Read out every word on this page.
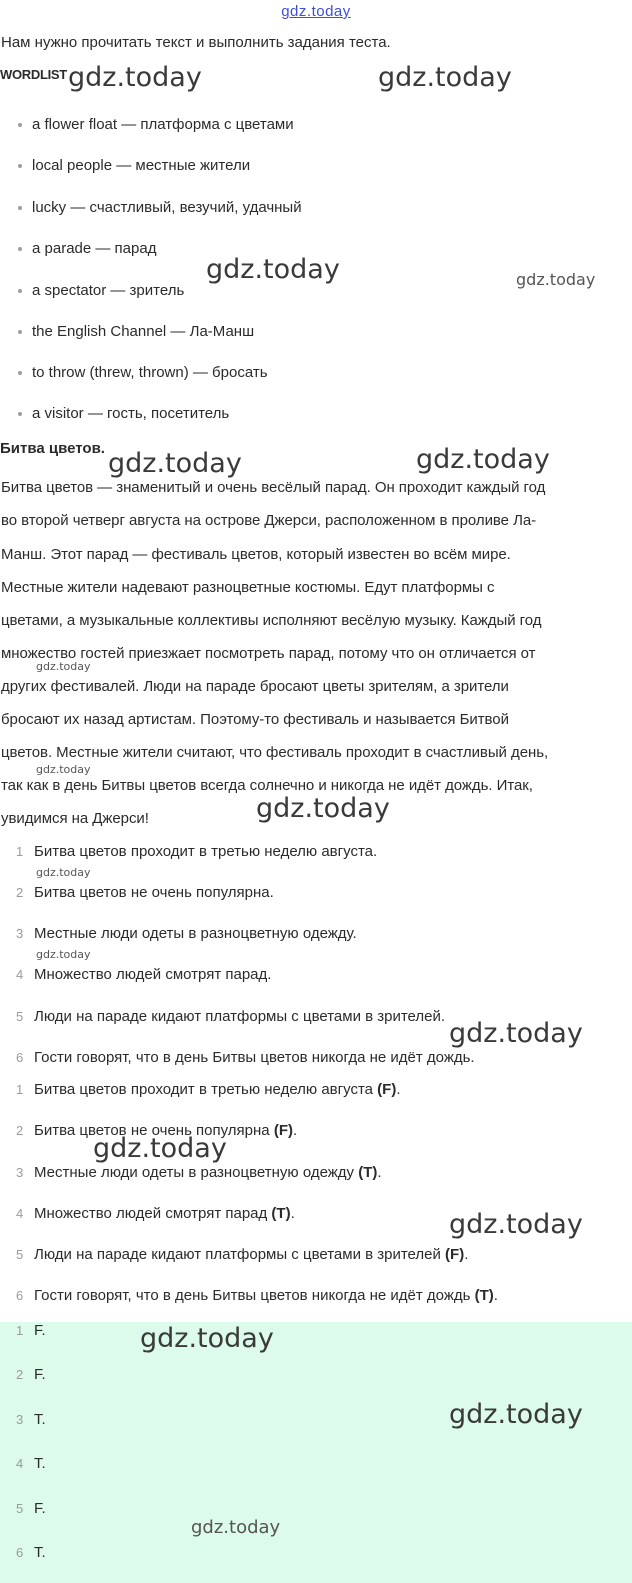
gdz.today
Нам нужно прочитать текст и выполнить задания теста.
WORDLIST
a flower float — платформа с цветами
local people — местные жители
lucky — счастливый, везучий, удачный
a parade — парад
a spectator — зритель
the English Channel — Ла-Манш
to throw (threw, thrown) — бросать
a visitor — гость, посетитель
Битва цветов.
Битва цветов — знаменитый и очень весёлый парад. Он проходит каждый год
во второй четверг августа на острове Джерси, расположенном в проливе Ла-
Манш. Этот парад — фестиваль цветов, который известен во всём мире.
Местные жители надевают разноцветные костюмы. Едут платформы с
цветами, а музыкальные коллективы исполняют весёлую музыку. Каждый год
множество гостей приезжает посмотреть парад, потому что он отличается от
других фестивалей. Люди на параде бросают цветы зрителям, а зрители
бросают их назад артистам. Поэтому-то фестиваль и называется Битвой
цветов. Местные жители считают, что фестиваль проходит в счастливый день,
так как в день Битвы цветов всегда солнечно и никогда не идёт дождь. Итак,
увидимся на Джерси!
1 Битва цветов проходит в третью неделю августа.
2 Битва цветов не очень популярна.
3 Местные люди одеты в разноцветную одежду.
4 Множество людей смотрят парад.
5 Люди на параде кидают платформы с цветами в зрителей.
6 Гости говорят, что в день Битвы цветов никогда не идёт дождь.
1 Битва цветов проходит в третью неделю августа (F).
2 Битва цветов не очень популярна (F).
3 Местные люди одеты в разноцветную одежду (T).
4 Множество людей смотрят парад (T).
5 Люди на параде кидают платформы с цветами в зрителей (F).
6 Гости говорят, что в день Битвы цветов никогда не идёт дождь (T).
1 F.
2 F.
3 T.
4 T.
5 F.
6 T.
gdz.today	gdz.today
gdz.today	gdz.today
gdz.today	gdz.today
gdz.today
gdz.today
gdz.today
gdz.today
gdz.today
gdz.today
gdz.today
gdz.today
gdz.today
gdz.today
gdz.today
